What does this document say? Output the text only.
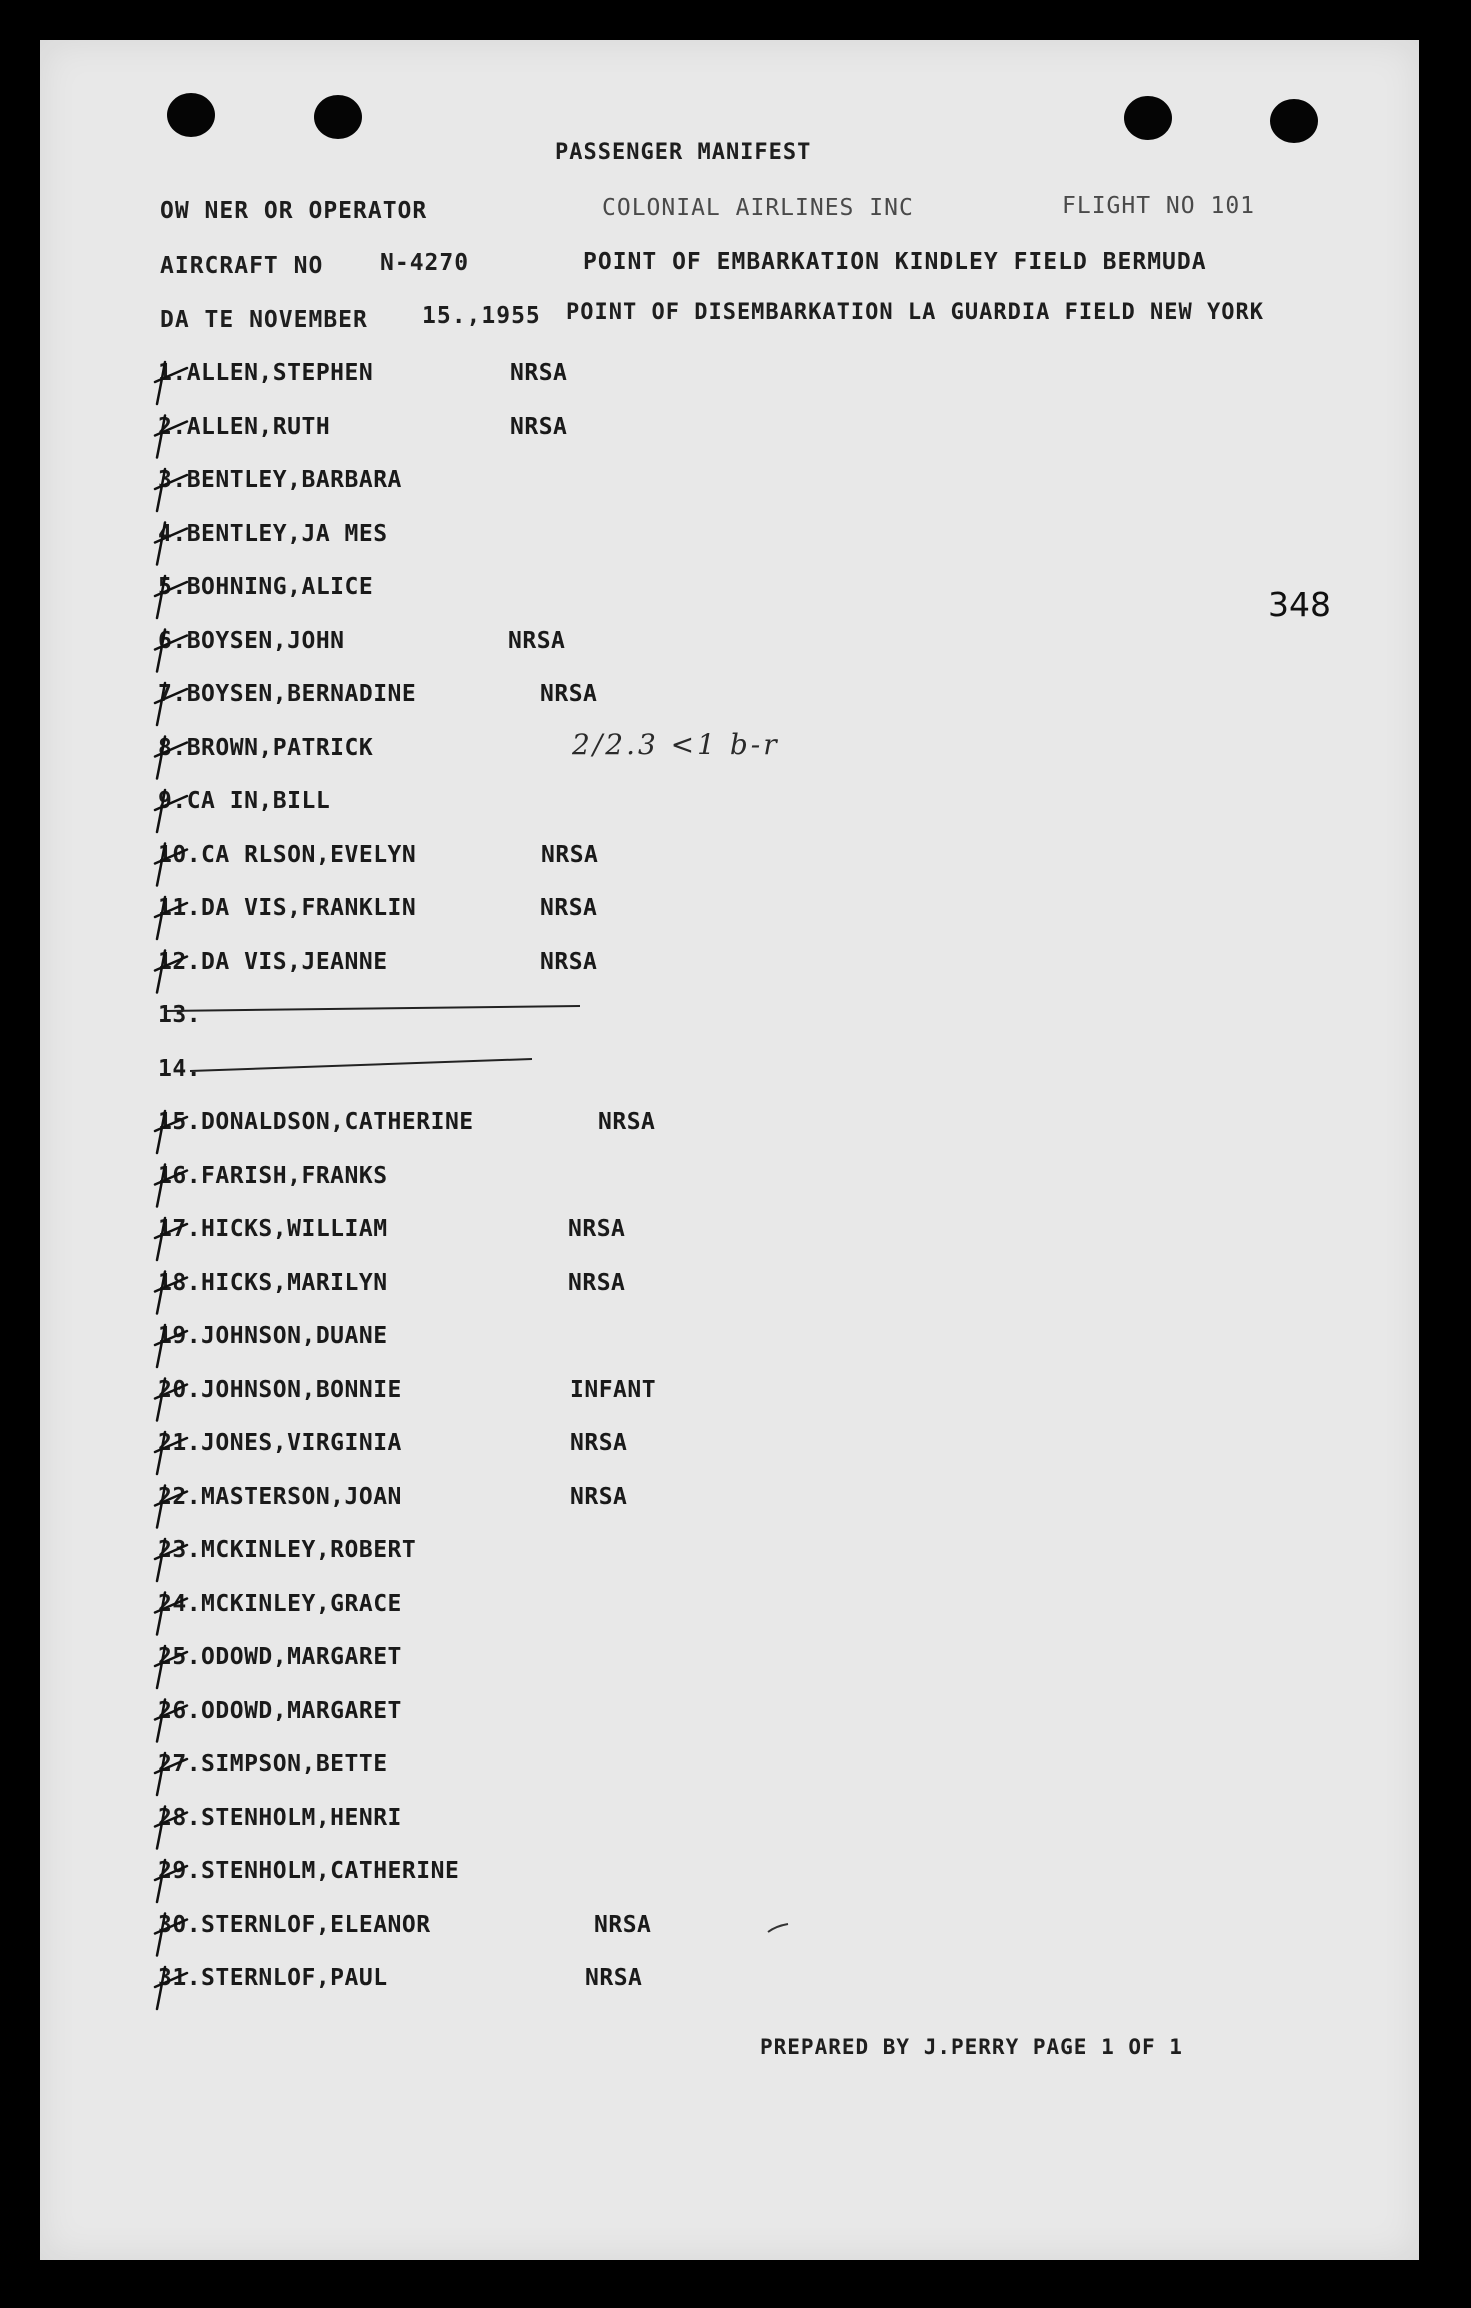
PASSENGER MANIFEST
OW NER OR OPERATOR	COLONIAL AIRLINES INC	FLIGHT NO 101
AIRCRAFT NO N-4270	POINT OF EMBARKATION KINDLEY FIELD BERMUDA
DA TE NOVEMBER 15.,1955 POINT OF DISEMBARKATION LA GUARDIA FIELD NEW YORK
348
1.ALLEN,STEPHEN	NRSA
2.ALLEN,RUTH	NRSA
3.BENTLEY,BARBARA
4.BENTLEY,JA MES
5.BOHNING,ALICE
6.BOYSEN,JOHN	NRSA
7.BOYSEN,BERNADINE	NRSA
8.BROWN,PATRICK
9.CA IN,BILL
10.CA RLSON,EVELYN	NRSA
11.DA VIS,FRANKLIN	NRSA
12.DA VIS,JEANNE	NRSA
13.
14.
15.DONALDSON,CATHERINE	NRSA
16.FARISH,FRANKS
17.HICKS,WILLIAM	NRSA
18.HICKS,MARILYN	NRSA
19.JOHNSON,DUANE
20.JOHNSON,BONNIE	INFANT
21.JONES,VIRGINIA	NRSA
22.MASTERSON,JOAN	NRSA
23.MCKINLEY,ROBERT
24.MCKINLEY,GRACE
25.ODOWD,MARGARET
26.ODOWD,MARGARET
27.SIMPSON,BETTE
28.STENHOLM,HENRI
29.STENHOLM,CATHERINE
30.STERNLOF,ELEANOR	NRSA
31.STERNLOF,PAUL	NRSA
2/2.3 <1 b-r
PREPARED BY J.PERRY PAGE 1 OF 1
